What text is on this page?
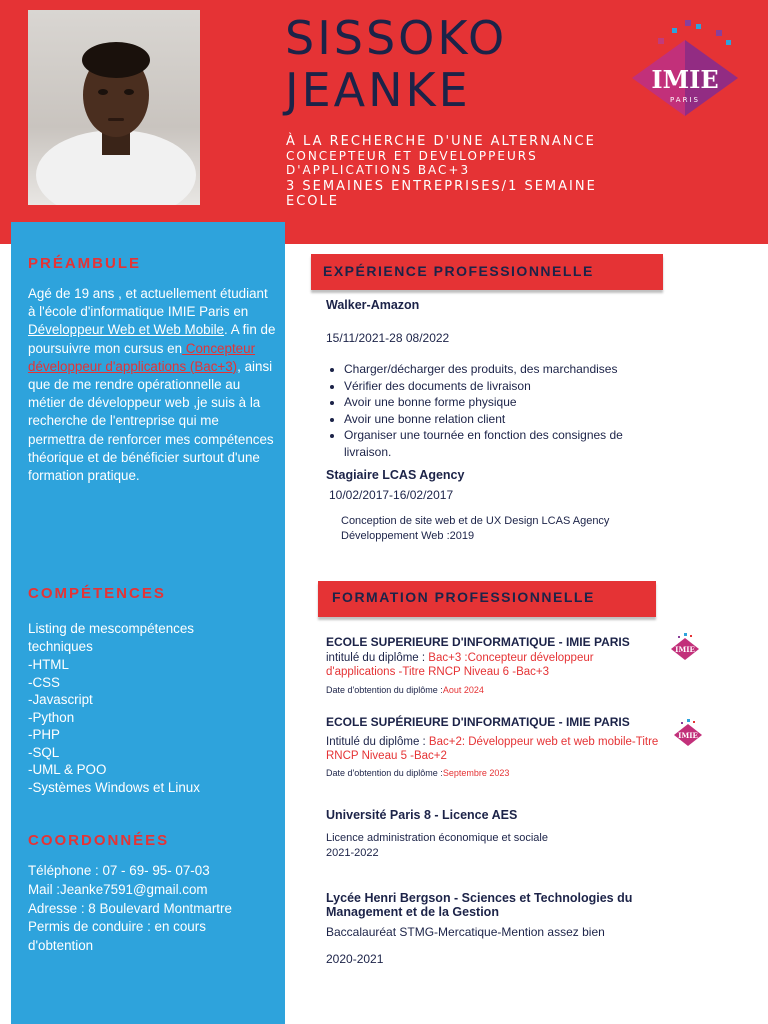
SISSOKO
JEANKE
À LA RECHERCHE D'UNE ALTERNANCE
CONCEPTEUR ET DEVELOPPEURS
D'APPLICATIONS BAC+3
3 SEMAINES ENTREPRISES/1 SEMAINE
ECOLE
IMIE
PARIS
PRÉAMBULE
Agé de 19 ans , et actuellement étudiant à l'école d'informatique IMIE Paris en Développeur Web et Web Mobile. A fin de poursuivre mon cursus en Concepteur développeur d'applications (Bac+3), ainsi que de me rendre opérationnelle au métier de développeur web ,je suis à la recherche de l'entreprise qui me permettra de renforcer mes compétences théorique et de bénéficier surtout d'une formation pratique.
COMPÉTENCES
Listing de mescompétences techniques
-HTML
-CSS
-Javascript
-Python
-PHP
-SQL
-UML & POO
-Systèmes Windows et Linux
COORDONNÉES
Téléphone : 07 - 69- 95- 07-03
Mail :Jeanke7591@gmail.com
Adresse : 8 Boulevard Montmartre
Permis de conduire : en cours d'obtention
EXPÉRIENCE PROFESSIONNELLE
Walker-Amazon
15/11/2021-28 08/2022
• Charger/décharger des produits, des marchandises
• Vérifier des documents de livraison
• Avoir une bonne forme physique
• Avoir une bonne relation client
• Organiser une tournée en fonction des consignes de livraison.
Stagiaire LCAS Agency
10/02/2017-16/02/2017
Conception de site web et de UX Design LCAS Agency
Développement Web :2019
FORMATION PROFESSIONNELLE
ECOLE SUPERIEURE D'INFORMATIQUE - IMIE PARIS
intitulé du diplôme : Bac+3 :Concepteur développeur d'applications -Titre RNCP Niveau 6 -Bac+3
Date d'obtention du diplôme :Aout 2024
ECOLE SUPÉRIEURE D'INFORMATIQUE - IMIE PARIS
Intitulé du diplôme : Bac+2: Développeur web et web mobile-Titre RNCP Niveau 5 -Bac+2
Date d'obtention du diplôme :Septembre 2023
IMIE
IMIE
Université Paris 8 - Licence AES
Licence administration économique et sociale
2021-2022
Lycée Henri Bergson - Sciences et Technologies du Management et de la Gestion
Baccalauréat STMG-Mercatique-Mention assez bien
2020-2021
